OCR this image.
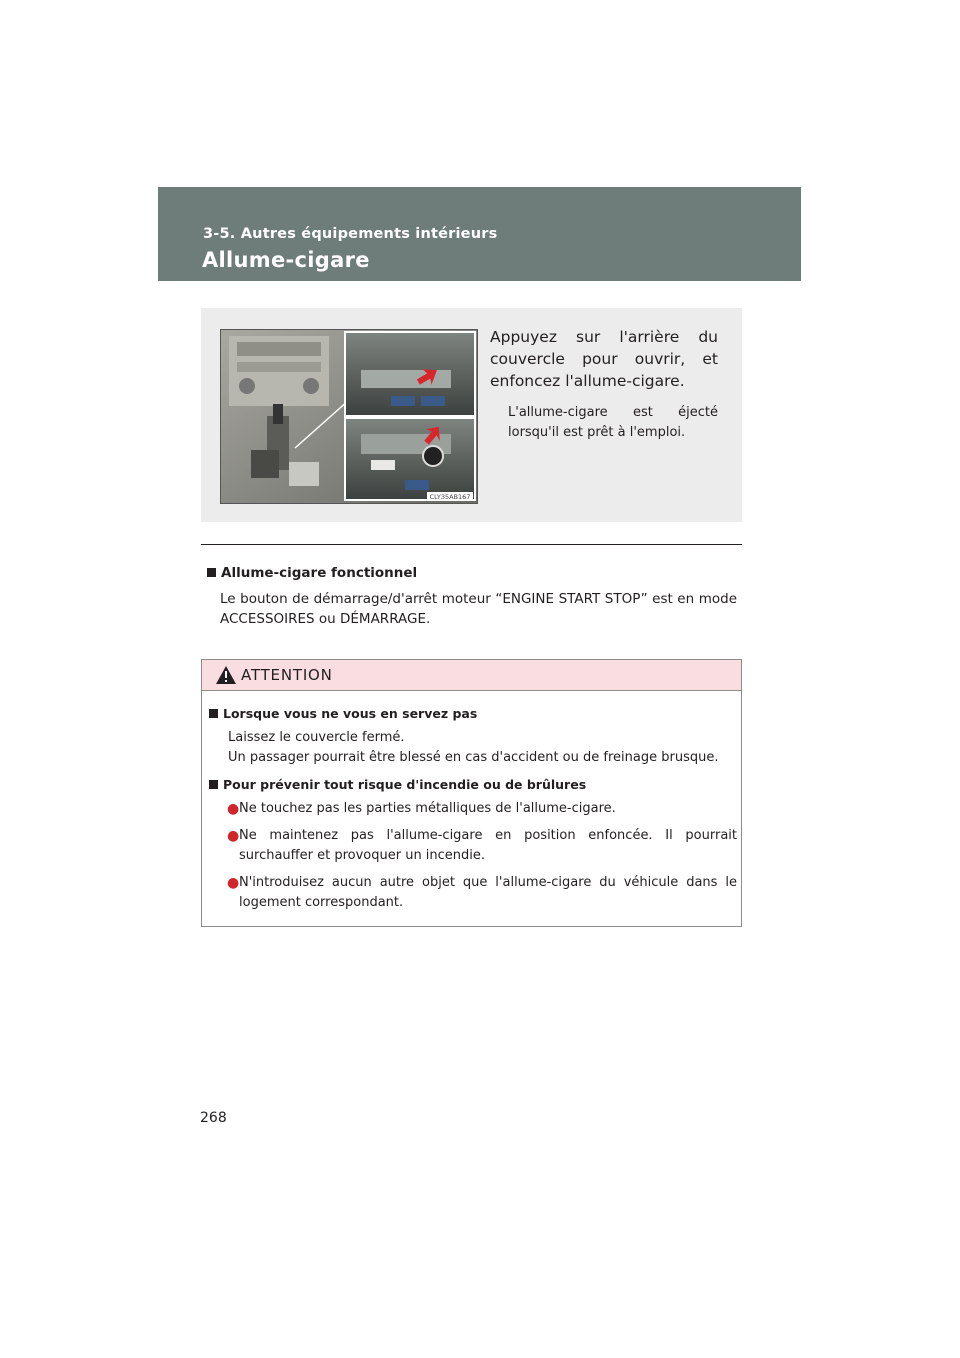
3-5. Autres équipements intérieurs
Allume-cigare
CLY35AB167
Appuyez sur l'arrière du couvercle pour ouvrir, et enfoncez l'allume-cigare.
L'allume-cigare est éjecté lorsqu'il est prêt à l'emploi.
Allume-cigare fonctionnel
Le bouton de démarrage/d'arrêt moteur “ENGINE START STOP” est en mode ACCESSOIRES ou DÉMARRAGE.
ATTENTION
Lorsque vous ne vous en servez pas
Laissez le couvercle fermé.
Un passager pourrait être blessé en cas d'accident ou de freinage brusque.
Pour prévenir tout risque d'incendie ou de brûlures
● Ne touchez pas les parties métalliques de l'allume-cigare.
● Ne maintenez pas l'allume-cigare en position enfoncée. Il pourrait surchauffer et provoquer un incendie.
● N'introduisez aucun autre objet que l'allume-cigare du véhicule dans le logement correspondant.
268
